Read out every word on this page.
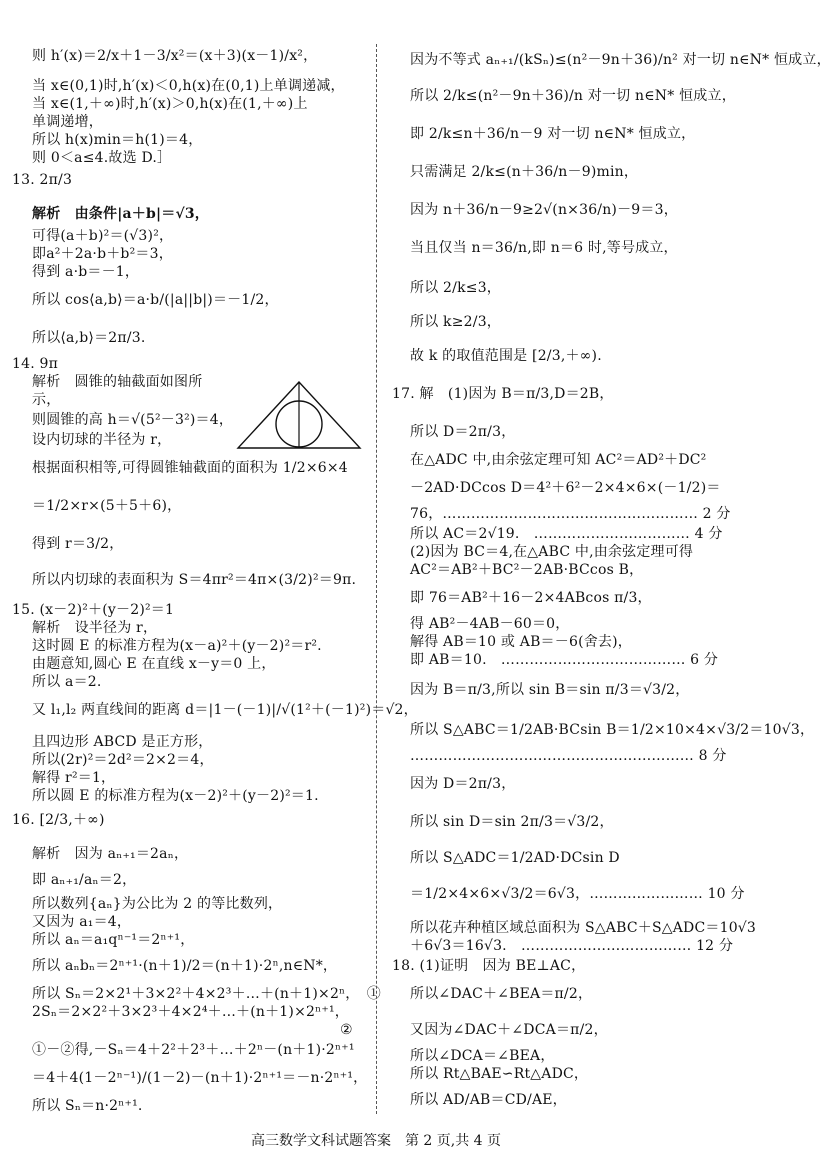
则 h′(x)＝2/x＋1－3/x²＝(x＋3)(x－1)/x²，
当 x∈(0,1)时,h′(x)＜0,h(x)在(0,1)上单调递减，
当 x∈(1,＋∞)时,h′(x)＞0,h(x)在(1,＋∞)上
单调递增，
所以 h(x)min＝h(1)＝4，
则 0＜a≤4.故选 D.］
13. 2π/3
解析　由条件|a＋b|＝√3，
可得(a＋b)²＝(√3)²，
即a²＋2a·b＋b²＝3，
得到 a·b＝－1，
所以 cos⟨a,b⟩＝a·b/(|a||b|)＝－1/2，
所以⟨a,b⟩＝2π/3.
14. 9π
解析　圆锥的轴截面如图所
示，
则圆锥的高 h＝√(5²－3²)＝4，
设内切球的半径为 r，
根据面积相等,可得圆锥轴截面的面积为 1/2×6×4
＝1/2×r×(5＋5＋6)，
得到 r＝3/2，
所以内切球的表面积为 S＝4πr²＝4π×(3/2)²＝9π.
15. (x－2)²＋(y－2)²＝1
解析　设半径为 r，
这时圆 E 的标准方程为(x－a)²＋(y－2)²＝r².
由题意知,圆心 E 在直线 x－y＝0 上，
所以 a＝2.
又 l₁,l₂ 两直线间的距离 d＝|1－(－1)|/√(1²＋(－1)²)＝√2，
且四边形 ABCD 是正方形，
所以(2r)²＝2d²＝2×2＝4，
解得 r²＝1，
所以圆 E 的标准方程为(x－2)²＋(y－2)²＝1.
16. [2/3,＋∞)
解析　因为 aₙ₊₁＝2aₙ，
即 aₙ₊₁/aₙ＝2，
所以数列{aₙ}为公比为 2 的等比数列，
又因为 a₁＝4，
所以 aₙ＝a₁qⁿ⁻¹＝2ⁿ⁺¹，
所以 aₙbₙ＝2ⁿ⁺¹·(n＋1)/2＝(n＋1)·2ⁿ,n∈N*，
所以 Sₙ＝2×2¹＋3×2²＋4×2³＋…＋(n＋1)×2ⁿ，　①
2Sₙ＝2×2²＋3×2³＋4×2⁴＋…＋(n＋1)×2ⁿ⁺¹，
②
①－②得,－Sₙ＝4＋2²＋2³＋…＋2ⁿ－(n＋1)·2ⁿ⁺¹
＝4＋4(1－2ⁿ⁻¹)/(1－2)－(n＋1)·2ⁿ⁺¹＝－n·2ⁿ⁺¹，
所以 Sₙ＝n·2ⁿ⁺¹.
因为不等式 aₙ₊₁/(kSₙ)≤(n²－9n＋36)/n² 对一切 n∈N* 恒成立，
所以 2/k≤(n²－9n＋36)/n 对一切 n∈N* 恒成立，
即 2/k≤n＋36/n－9 对一切 n∈N* 恒成立，
只需满足 2/k≤(n＋36/n－9)min，
因为 n＋36/n－9≥2√(n×36/n)－9＝3，
当且仅当 n＝36/n,即 n＝6 时,等号成立，
所以 2/k≤3，
所以 k≥2/3，
故 k 的取值范围是 [2/3,＋∞).
17. 解　(1)因为 B＝π/3,D＝2B，
所以 D＝2π/3，
在△ADC 中,由余弦定理可知 AC²＝AD²＋DC²
－2AD·DCcos D＝4²＋6²－2×4×6×(－1/2)＝
76，……………………………………………… 2 分
所以 AC＝2√19.　…………………………… 4 分
(2)因为 BC＝4,在△ABC 中,由余弦定理可得
AC²＝AB²＋BC²－2AB·BCcos B，
即 76＝AB²＋16－2×4ABcos π/3，
得 AB²－4AB－60＝0，
解得 AB＝10 或 AB＝－6(舍去)，
即 AB＝10.　………………………………… 6 分
因为 B＝π/3,所以 sin B＝sin π/3＝√3/2，
所以 S△ABC＝1/2AB·BCsin B＝1/2×10×4×√3/2＝10√3，
…………………………………………………… 8 分
因为 D＝2π/3，
所以 sin D＝sin 2π/3＝√3/2，
所以 S△ADC＝1/2AD·DCsin D
＝1/2×4×6×√3/2＝6√3，…………………… 10 分
所以花卉种植区域总面积为 S△ABC＋S△ADC＝10√3
＋6√3＝16√3.　……………………………… 12 分
18. (1)证明　因为 BE⊥AC，
所以∠DAC＋∠BEA＝π/2，
又因为∠DAC＋∠DCA＝π/2，
所以∠DCA＝∠BEA，
所以 Rt△BAE∽Rt△ADC，
所以 AD/AB＝CD/AE，
高三数学文科试题答案　第 2 页,共 4 页
